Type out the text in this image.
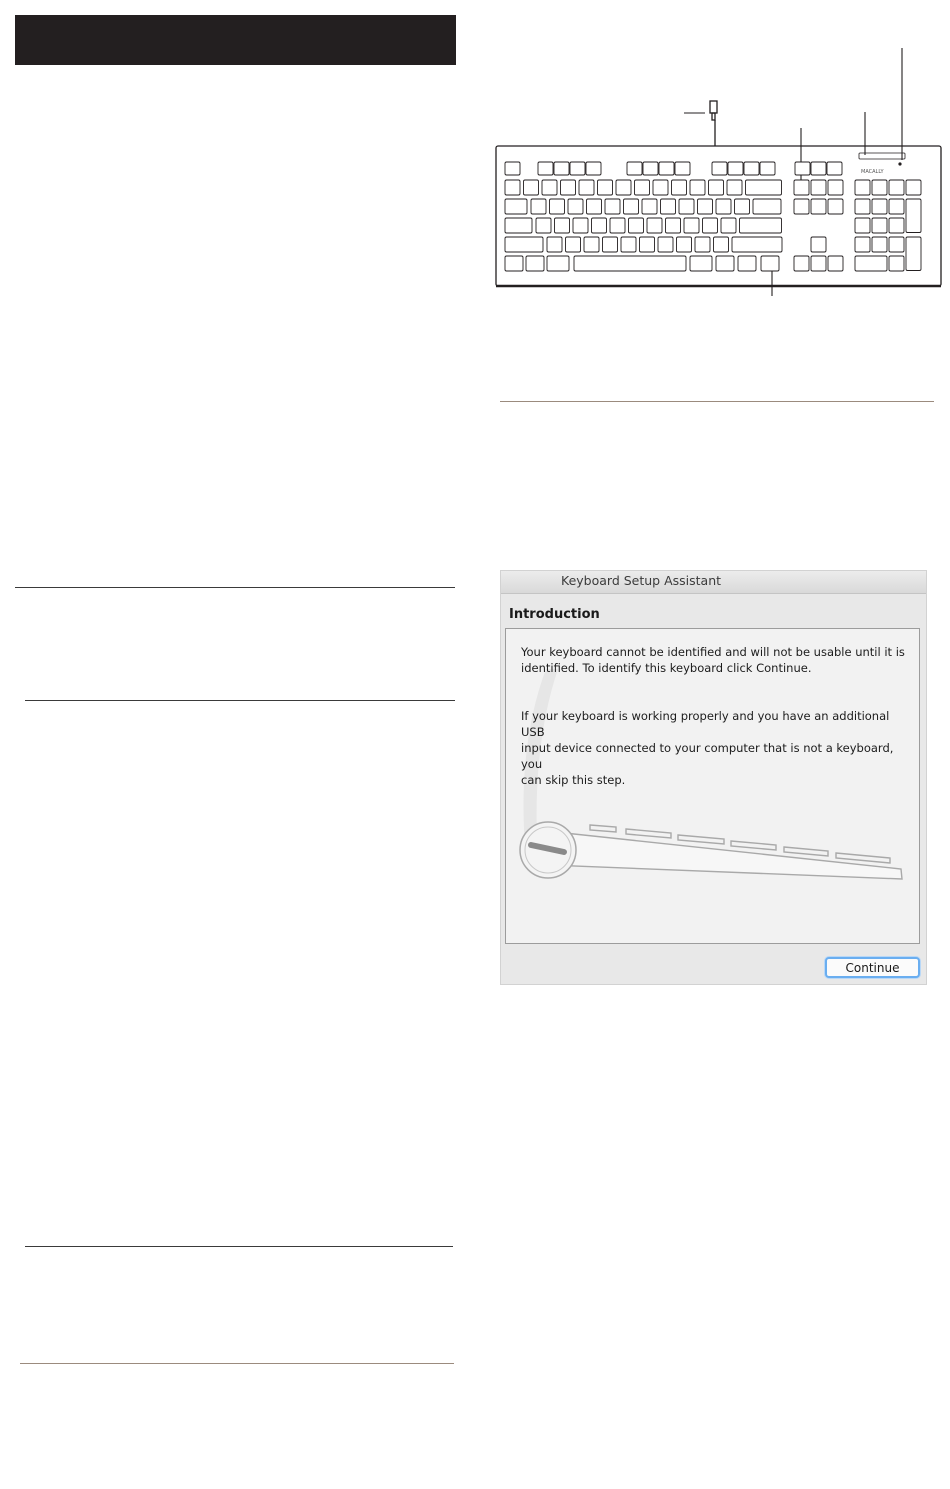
MACALLY
Keyboard Setup Assistant
Introduction
Your keyboard cannot be identified and will not be usable until it is
identified. To identify this keyboard click Continue.
If your keyboard is working properly and you have an additional USB
input device connected to your computer that is not a keyboard, you
can skip this step.
Continue
